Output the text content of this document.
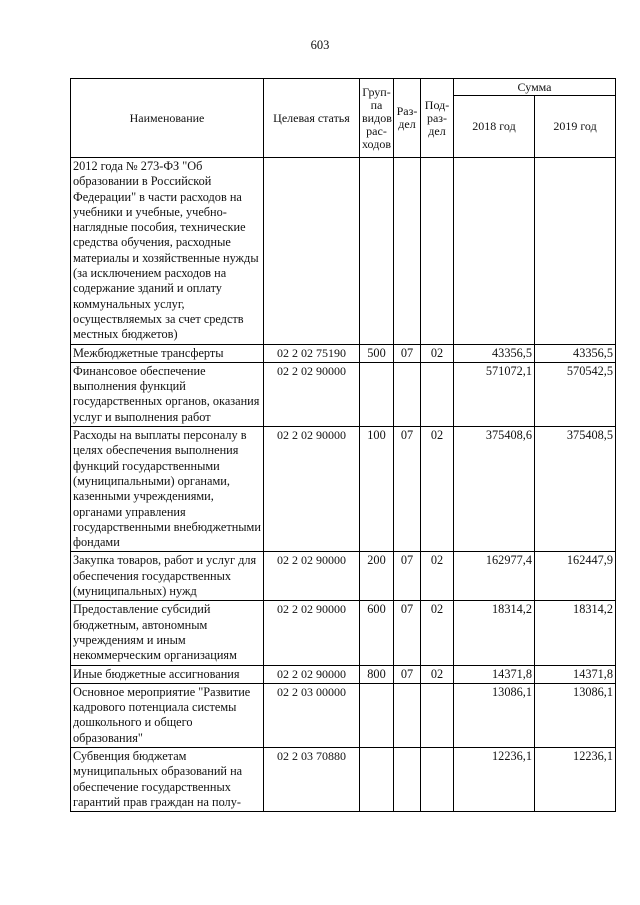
603
Наименование	Целевая статья	Груп-па видов рас-ходов	Раз-дел	Под-раз-дел	Сумма	
					2018 год	2019 год
2012 года № 273-ФЗ "Об образовании в Российской Федерации" в части расходов на учебники и учебные, учебно-наглядные пособия, технические средства обучения, расходные материалы и хозяйственные нужды (за исключением расходов на содержание зданий и оплату коммунальных услуг, осуществляемых за счет средств местных бюджетов)						
Межбюджетные трансферты	02 2 02 75190	500	07	02	43356,5	43356,5
Финансовое обеспечение выполнения функций государственных органов, оказания услуг и выполнения работ	02 2 02 90000				571072,1	570542,5
Расходы на выплаты персоналу в целях обеспечения выполнения функций государственными (муниципальными) органами, казенными учреждениями, органами управления государственными внебюджетными фондами	02 2 02 90000	100	07	02	375408,6	375408,5
Закупка товаров, работ и услуг для обеспечения государственных (муниципальных) нужд	02 2 02 90000	200	07	02	162977,4	162447,9
Предоставление субсидий бюджетным, автономным учреждениям и иным некоммерческим организациям	02 2 02 90000	600	07	02	18314,2	18314,2
Иные бюджетные ассигнования	02 2 02 90000	800	07	02	14371,8	14371,8
Основное мероприятие "Развитие кадрового потенциала системы дошкольного и общего образования"	02 2 03 00000				13086,1	13086,1
Субвенция бюджетам муниципальных образований на обеспечение государственных гарантий прав граждан на полу-	02 2 03 70880				12236,1	12236,1
